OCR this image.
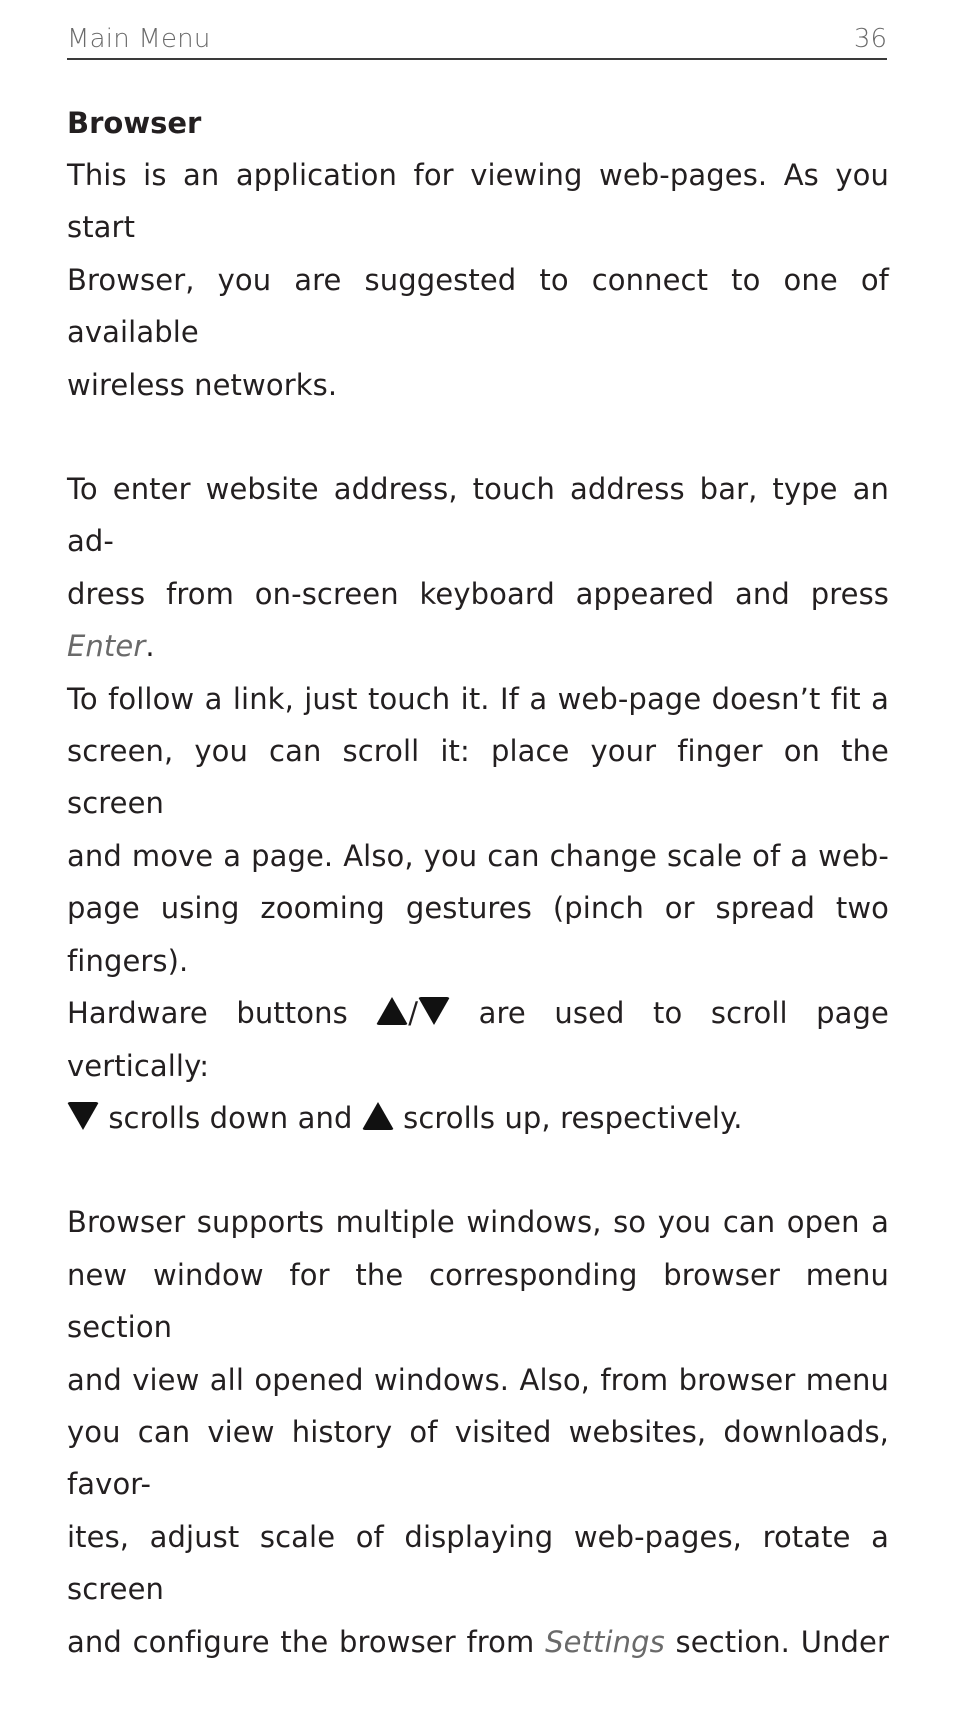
Main Menu	36
Browser
This is an application for viewing web-pages. As you start
Browser, you are suggested to connect to one of available
wireless networks.
To enter website address, touch address bar, type an ad-
dress from on-screen keyboard appeared and press Enter.
To follow a link, just touch it. If a web-page doesn’t fit a
screen, you can scroll it: place your finger on the screen
and move a page. Also, you can change scale of a web-
page using zooming gestures (pinch or spread two fingers).
Hardware buttons / are used to scroll page vertically:
scrolls down and  scrolls up, respectively.
Browser supports multiple windows, so you can open a
new window for the corresponding browser menu section
and view all opened windows. Also, from browser menu
you can view history of visited websites, downloads, favor-
ites, adjust scale of displaying web-pages, rotate a screen
and configure the browser from Settings section. Under
